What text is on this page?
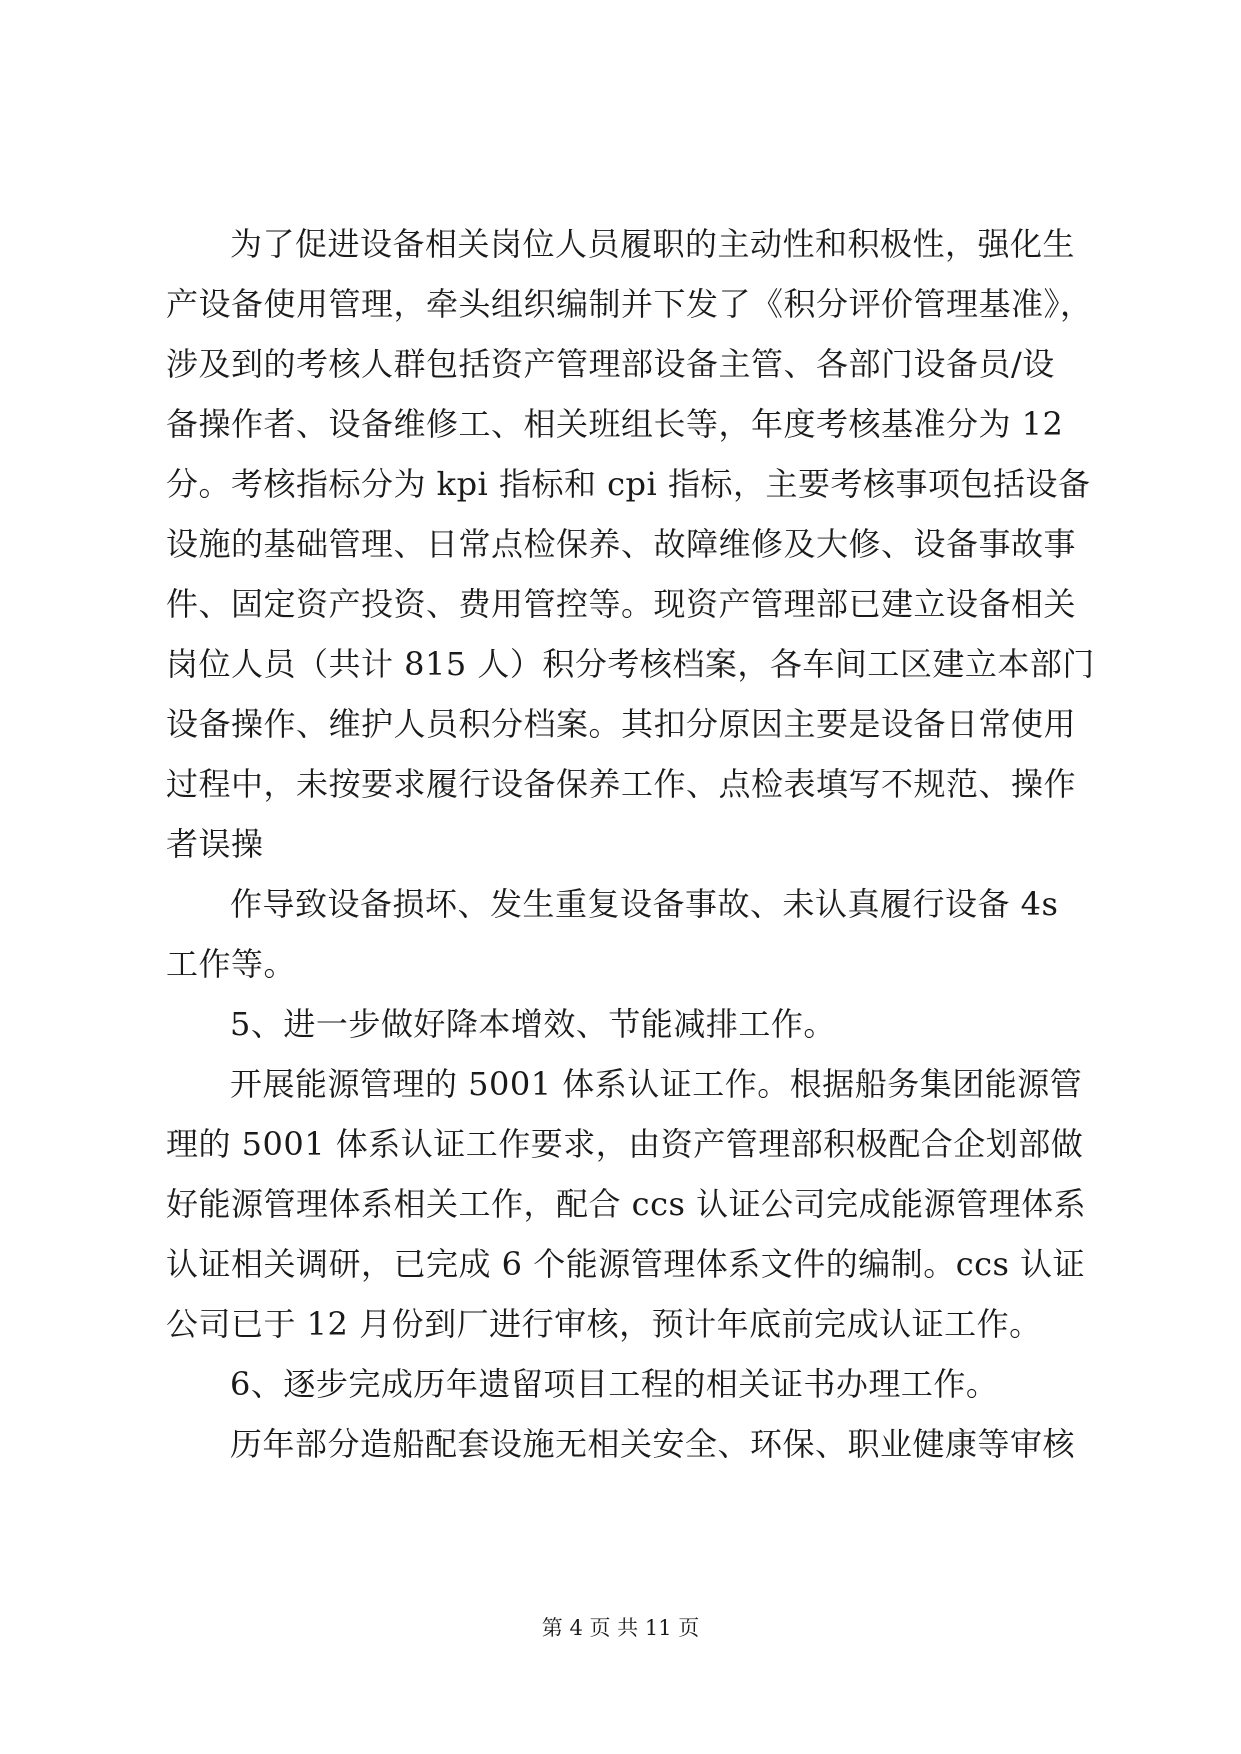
为了促进设备相关岗位人员履职的主动性和积极性，强化生
产设备使用管理，牵头组织编制并下发了《积分评价管理基准》，
涉及到的考核人群包括资产管理部设备主管、各部门设备员/设
备操作者、设备维修工、相关班组长等，年度考核基准分为 12
分。考核指标分为 kpi 指标和 cpi 指标，主要考核事项包括设备
设施的基础管理、日常点检保养、故障维修及大修、设备事故事
件、固定资产投资、费用管控等。现资产管理部已建立设备相关
岗位人员（共计 815 人）积分考核档案，各车间工区建立本部门
设备操作、维护人员积分档案。其扣分原因主要是设备日常使用
过程中，未按要求履行设备保养工作、点检表填写不规范、操作
者误操
作导致设备损坏、发生重复设备事故、未认真履行设备 4s
工作等。
5、进一步做好降本增效、节能减排工作。
开展能源管理的 5001 体系认证工作。根据船务集团能源管
理的 5001 体系认证工作要求，由资产管理部积极配合企划部做
好能源管理体系相关工作，配合 ccs 认证公司完成能源管理体系
认证相关调研，已完成 6 个能源管理体系文件的编制。ccs 认证
公司已于 12 月份到厂进行审核，预计年底前完成认证工作。
6、逐步完成历年遗留项目工程的相关证书办理工作。
历年部分造船配套设施无相关安全、环保、职业健康等审核
第 4 页 共 11 页
